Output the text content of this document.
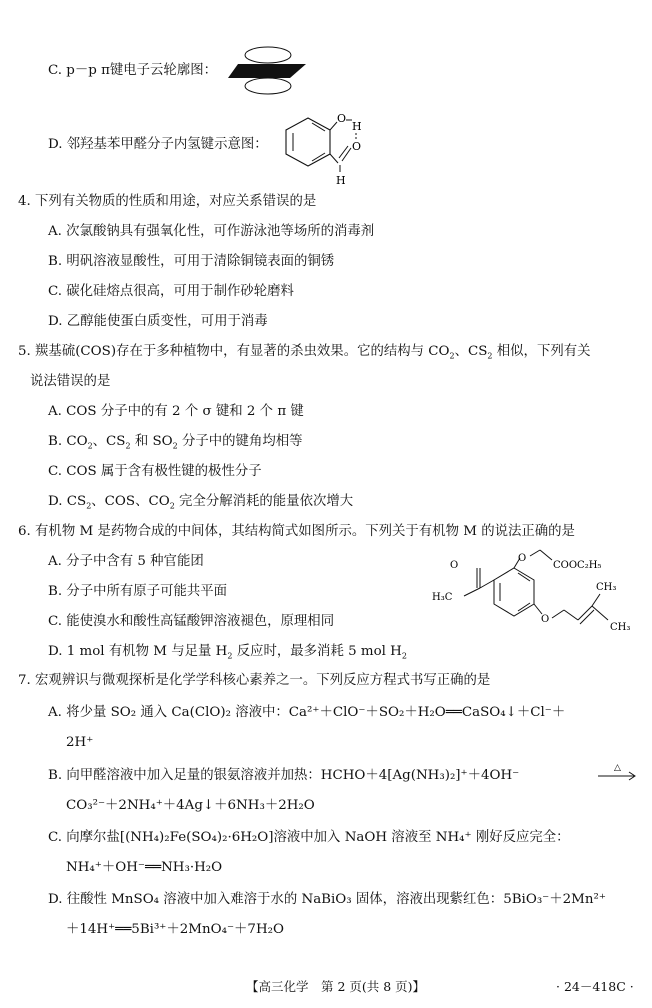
C. p－p π键电子云轮廓图：
D. 邻羟基苯甲醛分子内氢键示意图：
O
H
O
H
4. 下列有关物质的性质和用途，对应关系错误的是
A. 次氯酸钠具有强氧化性，可作游泳池等场所的消毒剂
B. 明矾溶液显酸性，可用于清除铜镜表面的铜锈
C. 碳化硅熔点很高，可用于制作砂轮磨料
D. 乙醇能使蛋白质变性，可用于消毒
5. 羰基硫(COS)存在于多种植物中，有显著的杀虫效果。它的结构与 $CO_2$、$CS_2$ 相似，下列有关
说法错误的是
A. COS 分子中的有 2 个 σ 键和 2 个 π 键
B. $CO_2$、$CS_2$ 和 $SO_2$ 分子中的键角均相等
C. COS 属于含有极性键的极性分子
D. $CS_2$、COS、$CO_2$ 完全分解消耗的能量依次增大
6. 有机物 M 是药物合成的中间体，其结构简式如图所示。下列关于有机物 M 的说法正确的是
A. 分子中含有 5 种官能团
B. 分子中所有原子可能共平面
C. 能使溴水和酸性高锰酸钾溶液褪色，原理相同
D. 1 mol 有机物 M 与足量 $H_2$ 反应时，最多消耗 5 mol $H_2$
O
H₃C
O
COOC₂H₅
O
CH₃
CH₃
7. 宏观辨识与微观探析是化学学科核心素养之一。下列反应方程式书写正确的是
A. 将少量 SO₂ 通入 Ca(ClO)₂ 溶液中：Ca²⁺＋ClO⁻＋SO₂＋H₂O══CaSO₄↓＋Cl⁻＋
2H⁺
B. 向甲醛溶液中加入足量的银氨溶液并加热：HCHO＋4[Ag(NH₃)₂]⁺＋4OH⁻	△
CO₃²⁻＋2NH₄⁺＋4Ag↓＋6NH₃＋2H₂O
C. 向摩尔盐[(NH₄)₂Fe(SO₄)₂·6H₂O]溶液中加入 NaOH 溶液至 NH₄⁺ 刚好反应完全：
NH₄⁺＋OH⁻══NH₃·H₂O
D. 往酸性 MnSO₄ 溶液中加入难溶于水的 NaBiO₃ 固体，溶液出现紫红色：5BiO₃⁻＋2Mn²⁺
＋14H⁺══5Bi³⁺＋2MnO₄⁻＋7H₂O
【高三化学　第 2 页(共 8 页)】	· 24－418C ·
